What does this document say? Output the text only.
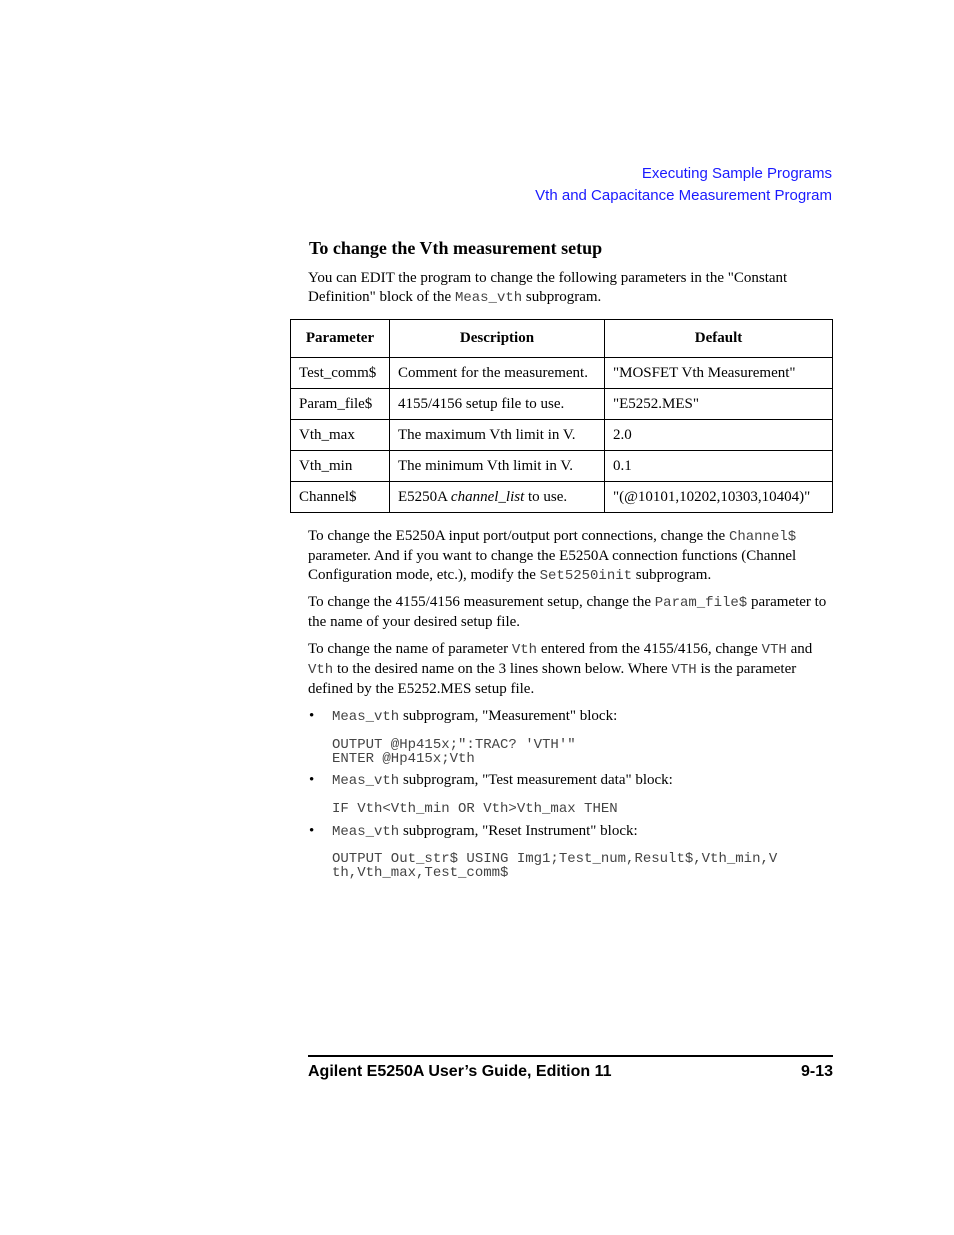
Executing Sample Programs
Vth and Capacitance Measurement Program
To change the Vth measurement setup
You can EDIT the program to change the following parameters in the "Constant Definition" block of the Meas_vth subprogram.
Parameter	Description	Default
Test_comm$	Comment for the measurement.	"MOSFET Vth Measurement"
Param_file$	4155/4156 setup file to use.	"E5252.MES"
Vth_max	The maximum Vth limit in V.	2.0
Vth_min	The minimum Vth limit in V.	0.1
Channel$	E5250A channel_list to use.	"(@10101,10202,10303,10404)"
To change the E5250A input port/output port connections, change the Channel$ parameter. And if you want to change the E5250A connection functions (Channel Configuration mode, etc.), modify the Set5250init subprogram.
To change the 4155/4156 measurement setup, change the Param_file$ parameter to the name of your desired setup file.
To change the name of parameter Vth entered from the 4155/4156, change VTH and Vth to the desired name on the 3 lines shown below. Where VTH is the parameter defined by the E5252.MES setup file.
• Meas_vth subprogram, "Measurement" block:
OUTPUT @Hp415x;":TRAC? 'VTH'"
ENTER @Hp415x;Vth
• Meas_vth subprogram, "Test measurement data" block:
IF Vth<Vth_min OR Vth>Vth_max THEN
• Meas_vth subprogram, "Reset Instrument" block:
OUTPUT Out_str$ USING Img1;Test_num,Result$,Vth_min,V
th,Vth_max,Test_comm$
Agilent E5250A User’s Guide, Edition 11	9-13
